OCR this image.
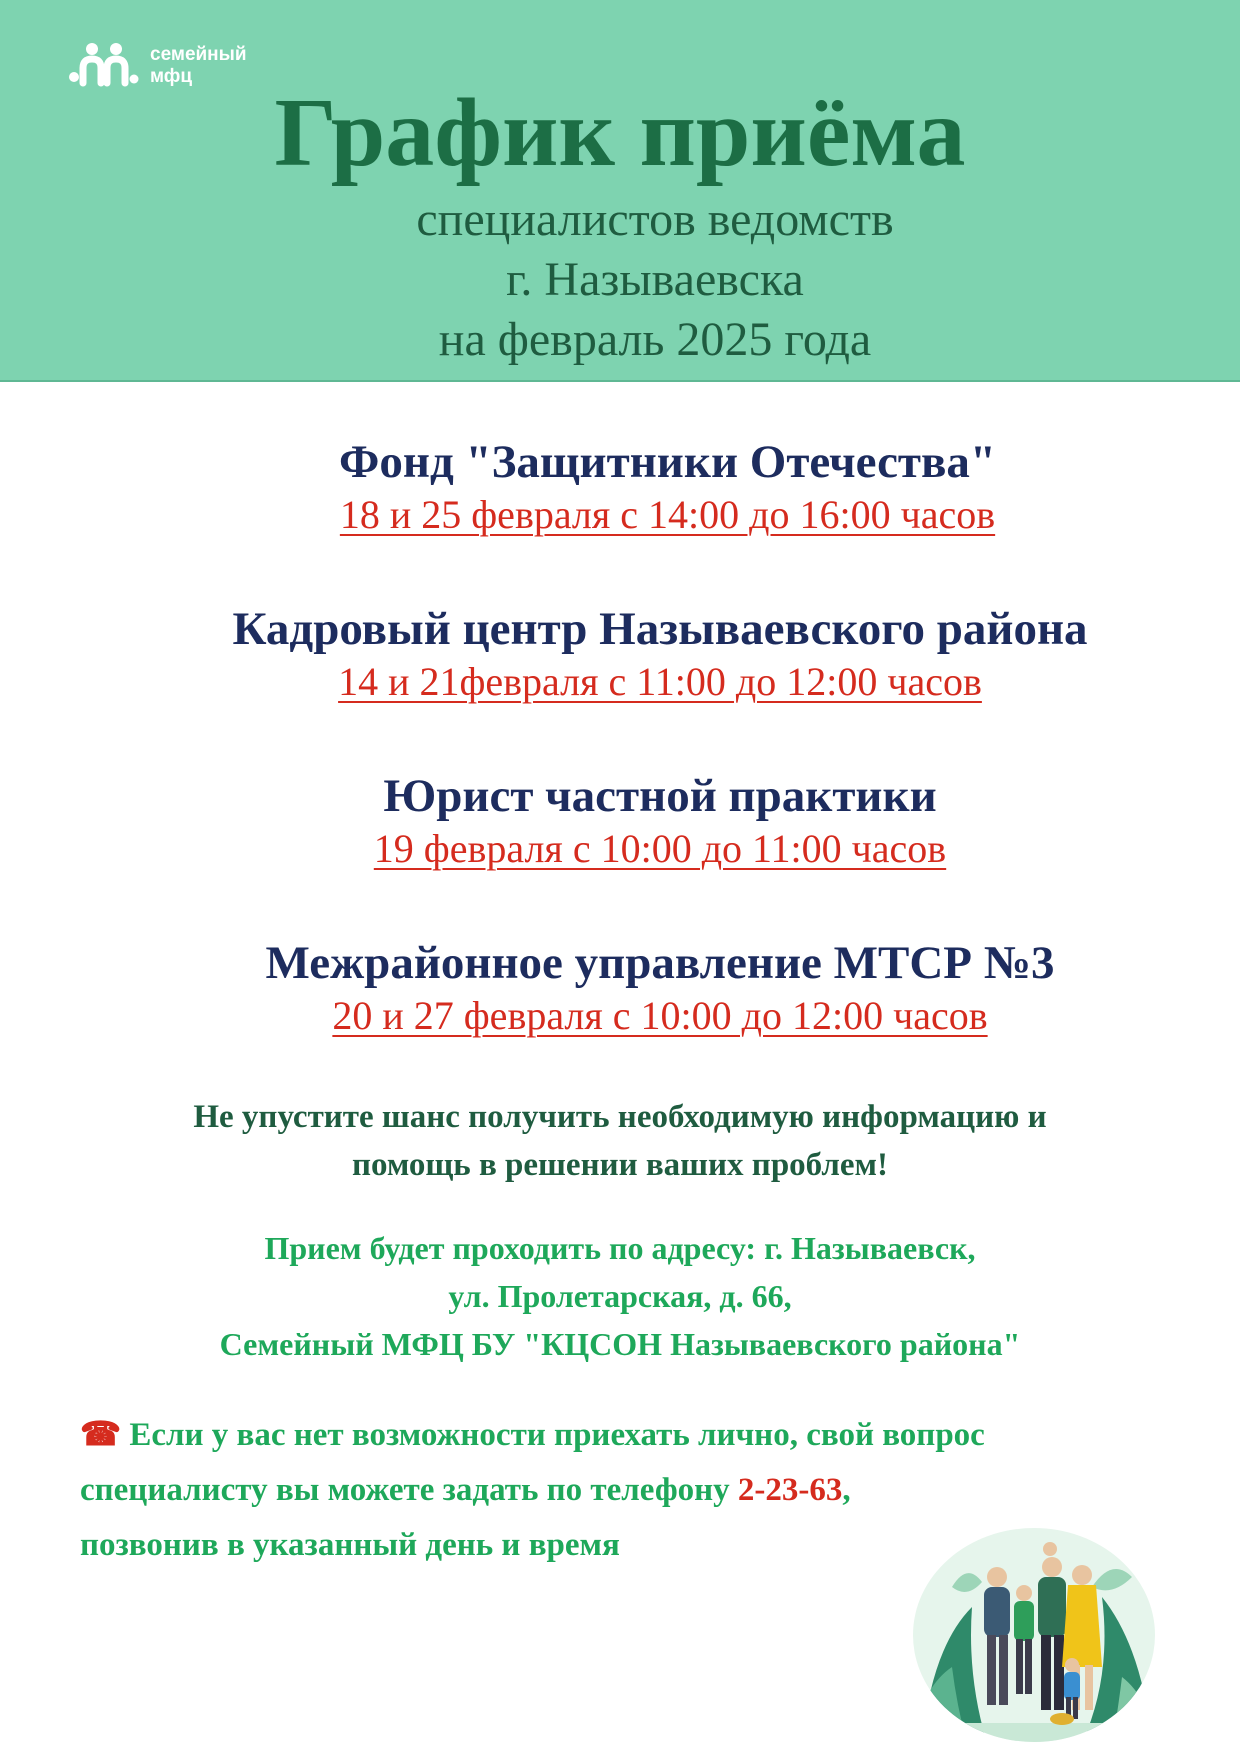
семейный
мфц
График приёма
специалистов ведомств
г. Называевска
на февраль 2025 года
Фонд "Защитники Отечества"
18 и 25 февраля с 14:00 до 16:00 часов
Кадровый центр Называевского района
14 и 21февраля с 11:00 до 12:00 часов
Юрист частной практики
19 февраля с 10:00 до 11:00 часов
Межрайонное управление МТСР №3
20 и 27 февраля с 10:00 до 12:00 часов
Не упустите шанс получить необходимую информацию и
помощь в решении ваших проблем!
Прием будет проходить по адресу: г. Называевск,
ул. Пролетарская, д. 66,
Семейный МФЦ БУ "КЦСОН Называевского района"
☎ Если у вас нет возможности приехать лично, свой вопрос
специалисту вы можете задать по телефону 2-23-63,
позвонив в указанный день и время
